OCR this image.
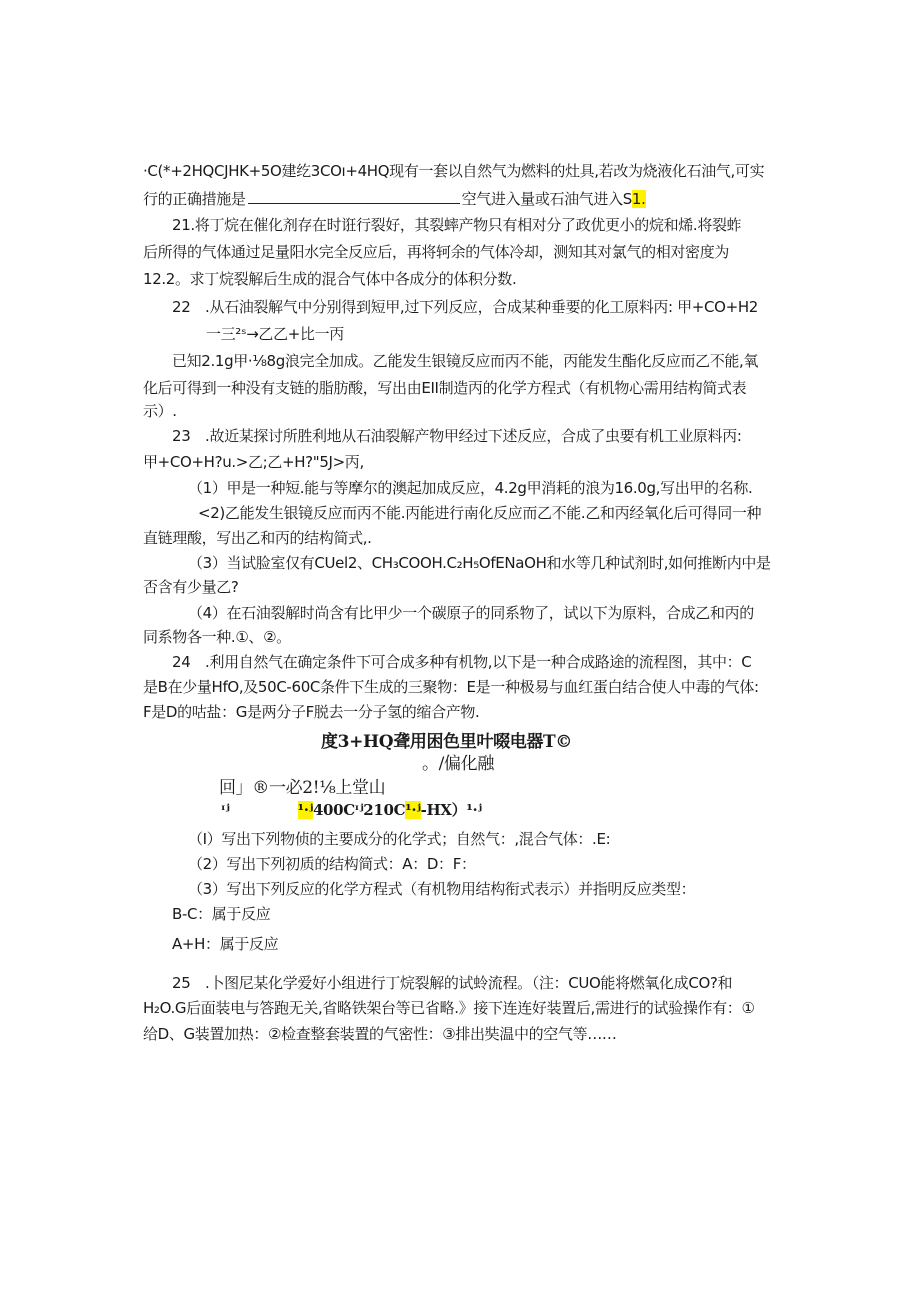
·C(*+2HQCJHK+5O建纥3COı+4HQ现有一套以自然气为燃料的灶具,若改为烧液化石油气,可实
行的正确措施是	空气进入量或石油气进入S1.
21.将丁烷在催化剂存在时诳行裂好，其裂蟀产物只有相对分了政优更小的烷和烯.将裂蚱
后所得的气体通过足量阳水完全反应后，再将轲余的气体冷却，测知其对氯气的相对密度为
12.2。求丁烷裂解后生成的混合气体中各成分的体积分数.
22　.从石油裂解气中分别得到短甲,过下列反应，合成某种垂要的化工原料丙: 甲+CO+H2
一三²ˢ→乙乙+比一丙
已知2.1g甲·⅛8g浪完全加成。乙能发生银镜反应而丙不能，丙能发生酯化反应而乙不能,氧
化后可得到一种没有支链的脂肪酸，写出由EII制造丙的化学方程式（有机物心需用结构简式表
示）.
23　.故近某探讨所胜利地从石油裂解产物甲经过下述反应，合成了虫要有机工业原料丙:
甲+CO+H?u.>乙;乙+H?"5J>丙,
（1）甲是一种短.能与等摩尔的澳起加成反应，4.2g甲消耗的浪为16.0g,写出甲的名称.
<2)乙能发生银镜反应而丙不能.丙能进行南化反应而乙不能.乙和丙经氧化后可得同一种
直链理酸，写出乙和丙的结构简式,.
（3）当试脸室仅有CUel2、CH₃COOH.C₂H₅OfENaOH和水等几种试剂时,如何推断内中是
否含有少量乙?
（4）在石油裂解时尚含有比甲少一个碳原子的同系物了，试以下为原料，合成乙和丙的
同系物各一种.①、②。
24　.利用自然气在确定条件下可合成多种有机物,以下是一种合成路途的流程图，其中：C
是B在少量HfO,及50C-60C条件下生成的三聚物：E是一种极易与血红蛋白结合使人中毒的气体:
F是D的咕盐：G是两分子F脱去一分子氢的缩合产物.
度3+HQ聋用困色里叶啜电器T©
。/偏化融
回」®一必2!⅛上堂山
ᶦʲ	¹·ʲ400Cᶦʲ210C¹·ʲ-HX）¹·ʲ
（I）写出下列物侦的主要成分的化学式；自然气：,混合气体：.E:
（2）写出下列初质的结构简式：A：D：F：
（3）写出下列反应的化学方程式（有机物用结构衔式表示）并指明反应类型：
B-C：属于反应
A+H：属于反应
25　.卜图尼某化学爱好小组进行丁烷裂解的试蛉流程。（注：CUO能将燃氧化成CO?和
H₂O.G后面装电与答跑无关,省略铁架台等已省略.》接下连连好装置后,需进行的试验操作有：①
给D、G装置加热：②检查整套装置的气密性：③排出奘温中的空气等……
